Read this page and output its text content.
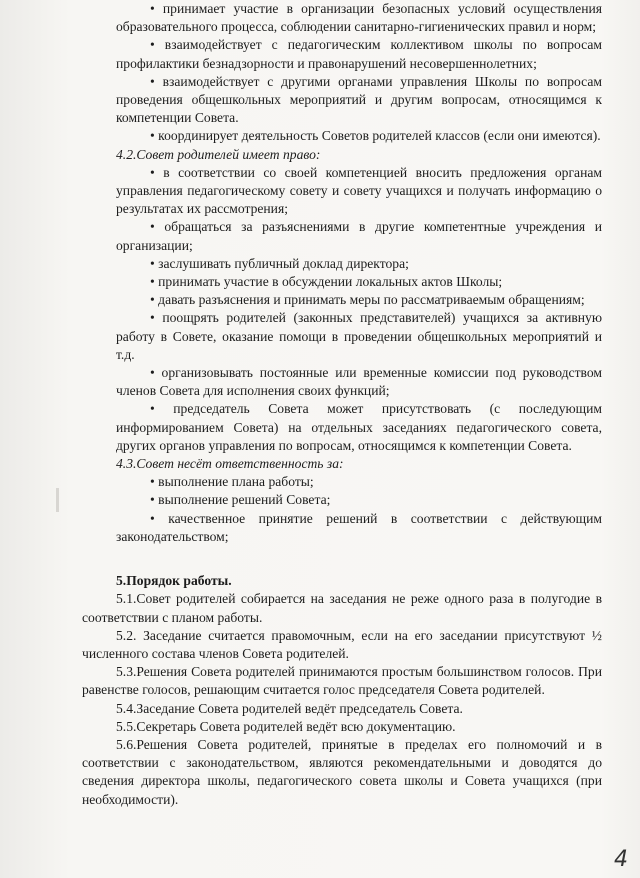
• принимает участие в организации безопасных условий осуществления образовательного процесса, соблюдении санитарно-гигиенических правил и норм;

• взаимодействует с педагогическим коллективом школы по вопросам профилактики безнадзорности и правонарушений несовершеннолетних;

• взаимодействует с другими органами управления Школы по вопросам проведения общешкольных мероприятий и другим вопросам, относящимся к компетенции Совета.

• координирует деятельность Советов родителей классов (если они имеются).

4.2.Совет родителей имеет право:

• в соответствии со своей компетенцией вносить предложения органам управления педагогическому совету и совету учащихся и получать информацию о результатах их рассмотрения;

• обращаться за разъяснениями в другие компетентные учреждения и организации;

• заслушивать публичный доклад директора;

• принимать участие в обсуждении локальных актов Школы;

• давать разъяснения и принимать меры по рассматриваемым обращениям;

• поощрять родителей (законных представителей) учащихся за активную работу в Совете, оказание помощи в проведении общешкольных мероприятий и т.д.

• организовывать постоянные или временные комиссии под руководством членов Совета для исполнения своих функций;

• председатель Совета может присутствовать (с последующим информированием Совета) на отдельных заседаниях педагогического совета, других органов управления по вопросам, относящимся к компетенции Совета.

4.3.Совет несёт ответственность за:

• выполнение плана работы;

• выполнение решений Совета;

• качественное принятие решений в соответствии с действующим законодательством;

5.Порядок работы.

5.1.Совет родителей собирается на заседания не реже одного раза в полугодие в соответствии с планом работы.

5.2. Заседание считается правомочным, если на его заседании присутствуют ½ численного состава членов Совета родителей.

5.3.Решения Совета родителей принимаются простым большинством голосов. При равенстве голосов, решающим считается голос председателя Совета родителей.

5.4.Заседание Совета родителей ведёт председатель Совета.

5.5.Секретарь Совета родителей ведёт всю документацию.

5.6.Решения Совета родителей, принятые в пределах его полномочий и в соответствии с законодательством, являются рекомендательными и доводятся до сведения директора школы, педагогического совета школы и Совета учащихся (при необходимости).

4
